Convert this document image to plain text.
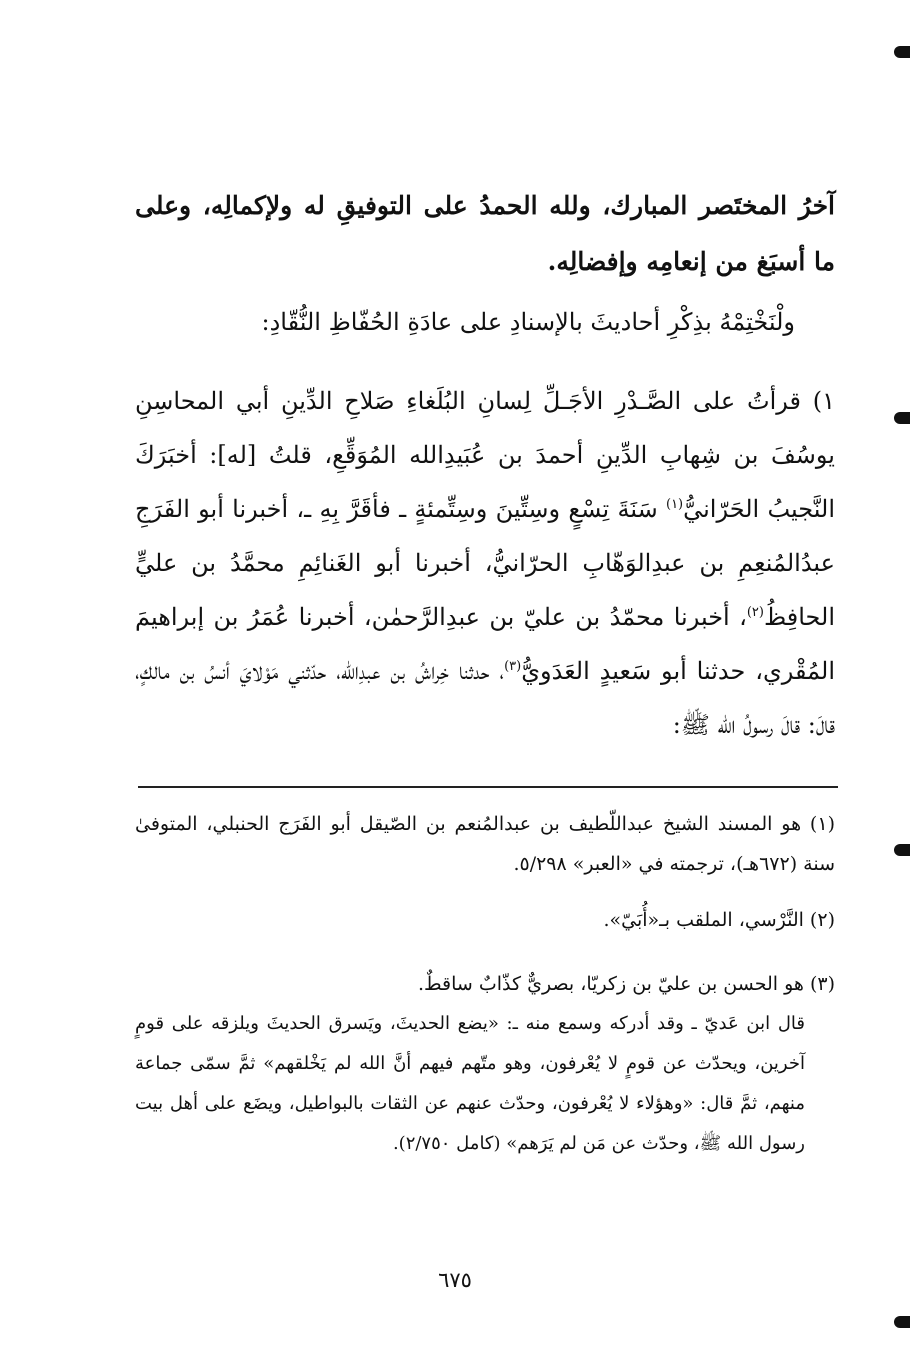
آخرُ المختَصر المبارك، ولله الحمدُ على التوفيقِ له ولإكمالِه، وعلى ما أسبَغ من إنعامِه وإفضالِه.
ولْنَخْتِمْهُ بذِكْرِ أحاديثَ بالإسنادِ على عادَةِ الحُفّاظِ النُّقّادِ:
١) قرأتُ على الصَّـدْرِ الأجَـلِّ لِسانِ البُلَغاءِ صَلاحِ الدِّينِ أبي المحاسِنِ يوسُفَ بن شِهابِ الدِّينِ أحمدَ بن عُبَيدِالله المُوَقِّعِ، قلتُ [له]: أخبَرَكَ النَّجيبُ الحَرّانيُّ$^{(١)}$ سَنَةَ تِسْعٍ وسِتِّينَ وسِتِّمئةٍ ـ فأقَرَّ بِهِ ـ، أخبرنا أبو الفَرَجِ عبدُالمُنعِمِ بن عبدِالوَهّابِ الحرّانيُّ، أخبرنا أبو الغَنائِمِ محمَّدُ بن عليٍّ الحافِظُ$^{(٢)}$، أخبرنا محمّدُ بن عليّ بن عبدِالرَّحمٰن، أخبرنا عُمَرُ بن إبراهيمَ المُقْري، حدثنا أبو سَعيدٍ العَدَويُّ$^{(٣)}$، حدثنا خِراشُ بن عبدِالله، حدّثني مَوْلايَ أنسُ بن مالكٍ، قالَ: قالَ رسولُ الله ﷺ:
(١) هو المسند الشيخ عبداللّطيف بن عبدالمُنعم بن الصّيقل أبو الفَرَج الحنبلي، المتوفىٰ سنة (٦٧٢هـ)، ترجمته في «العبر» ٥/٢٩٨.
(٢) النَّرْسي، الملقب بـ«أُبَيّ».
(٣) هو الحسن بن عليّ بن زكريّا، بصريٌّ كذّابٌ ساقطٌ.
قال ابن عَديّ ـ وقد أدركه وسمع منه ـ: «يضع الحديثَ، ويَسرق الحديثَ ويلزقه على قومٍ آخرين، ويحدّث عن قومٍ لا يُعْرفون، وهو متّهم فيهم أنَّ الله لم يَخْلقهم» ثمَّ سمّى جماعة منهم، ثمَّ قال: «وهؤلاء لا يُعْرفون، وحدّث عنهم عن الثقات بالبواطيل، ويضَع على أهل بيت رسول الله ﷺ، وحدّث عن مَن لم يَرَهم» (كامل ٢/٧٥٠).
٦٧٥
